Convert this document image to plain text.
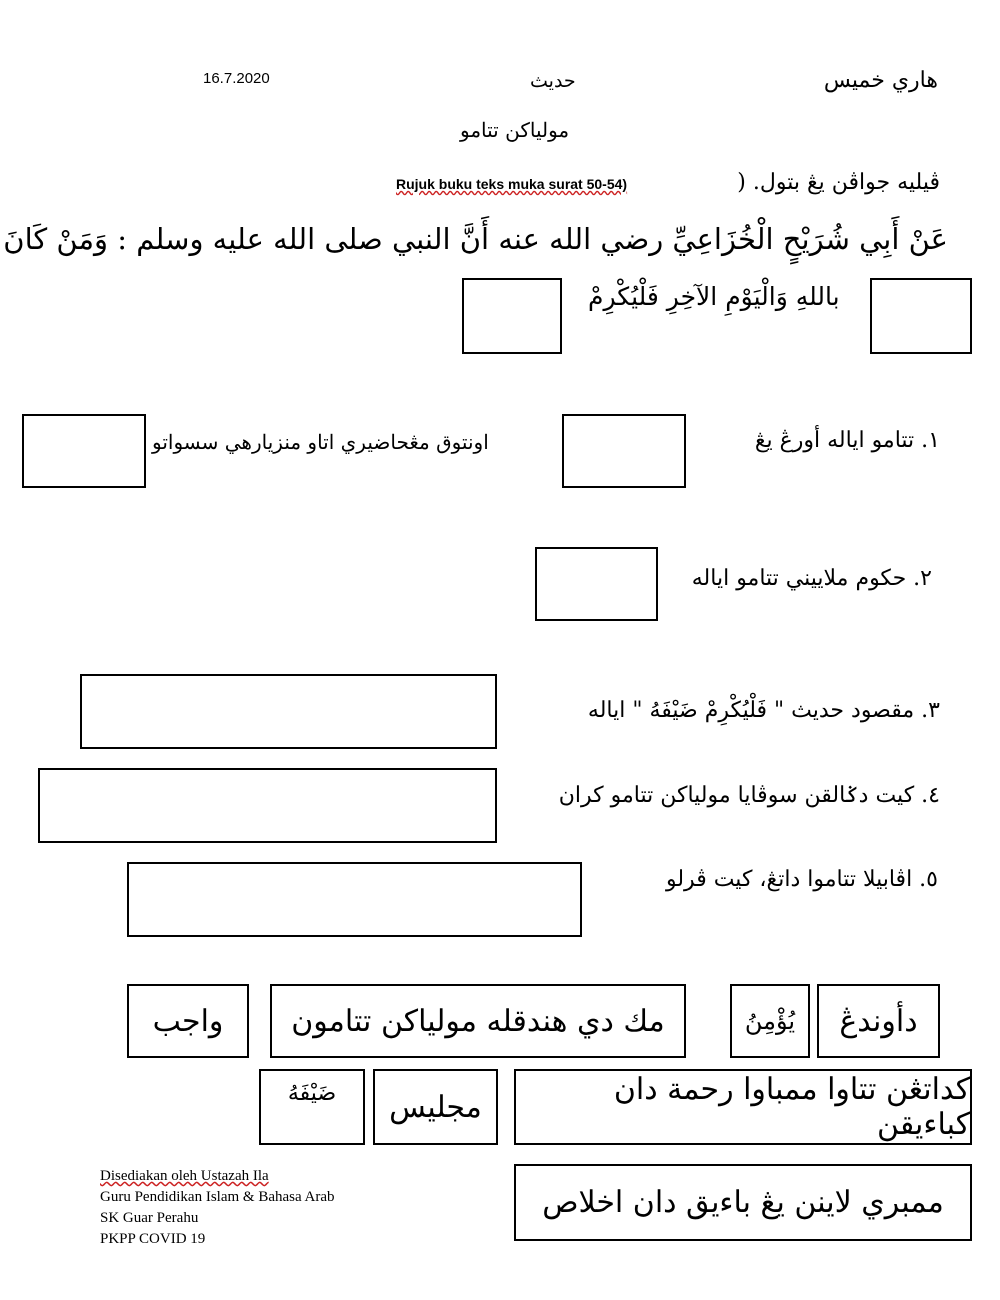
هاري خميس
حديث
16.7.2020
مولياكن تتامو
ڤيليه جواڤن يڠ بتول. (
Rujuk buku teks muka surat 50-54)
عَنْ أَبِي شُرَيْحٍ الْخُزَاعِيِّ رضي الله عنه أَنَّ النبي صلى الله عليه وسلم : وَمَنْ كَانَ
باللهِ وَالْيَوْمِ الآخِرِ فَلْيُكْرِمْ
١. تتامو اياله أورڠ يڠ
اونتوق مڠحاضيري اتاو منزيارهي سسواتو
٢. حكوم ملاييني تتامو اياله
٣. مقصود حديث " فَلْيُكْرِمْ ضَيْفَهُ " اياله
٤. كيت دݢالقن سوڤايا مولياكن تتامو كران
٥. اڤابيلا تتاموا داتڠ، كيت ڤرلو
دأوندڠ
يُؤْمِنُ
مك دي هندقله مولياكن تتامون
واجب
كداتڠن تتاوا ممباوا رحمة دان كباءيقن
مجليس
ضَيْفَهُ
ممبري لاينن يڠ باءيق دان اخلاص
Disediakan oleh Ustazah Ila
Guru Pendidikan Islam & Bahasa Arab
SK Guar Perahu
PKPP COVID 19
